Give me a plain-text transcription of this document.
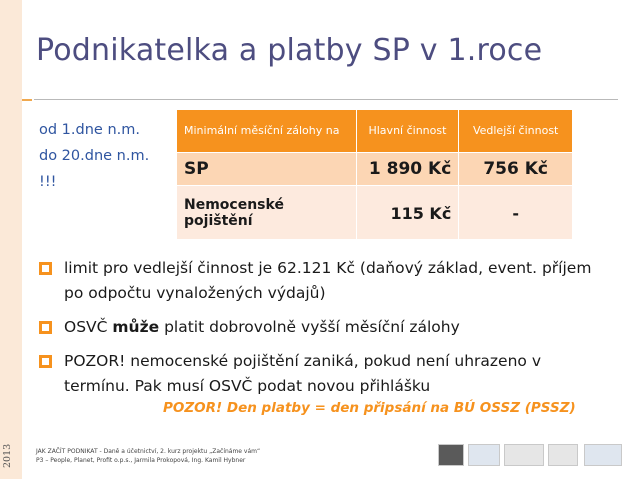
2013
Podnikatelka a platby SP v 1.roce
od 1.dne n.m.
do 20.dne n.m.
!!!
Minimální měsíční zálohy na	Hlavní činnost	Vedlejší činnost
SP	1 890 Kč	756 Kč
Nemocenské pojištění	115 Kč	-
limit pro vedlejší činnost je 62.121 Kč (daňový základ, event. příjem po odpočtu vynaložených výdajů)
OSVČ může platit dobrovolně vyšší měsíční zálohy
POZOR! nemocenské pojištění zaniká, pokud není uhrazeno v termínu. Pak musí OSVČ podat novou přihlášku
POZOR! Den platby = den připsání na BÚ OSSZ (PSSZ)
JAK ZAČÍT PODNIKAT - Daně a účetnictví, 2. kurz projektu „Začínáme vám“
P3 – People, Planet, Profit o.p.s., Jarmila Prokopová, Ing. Kamil Hybner
